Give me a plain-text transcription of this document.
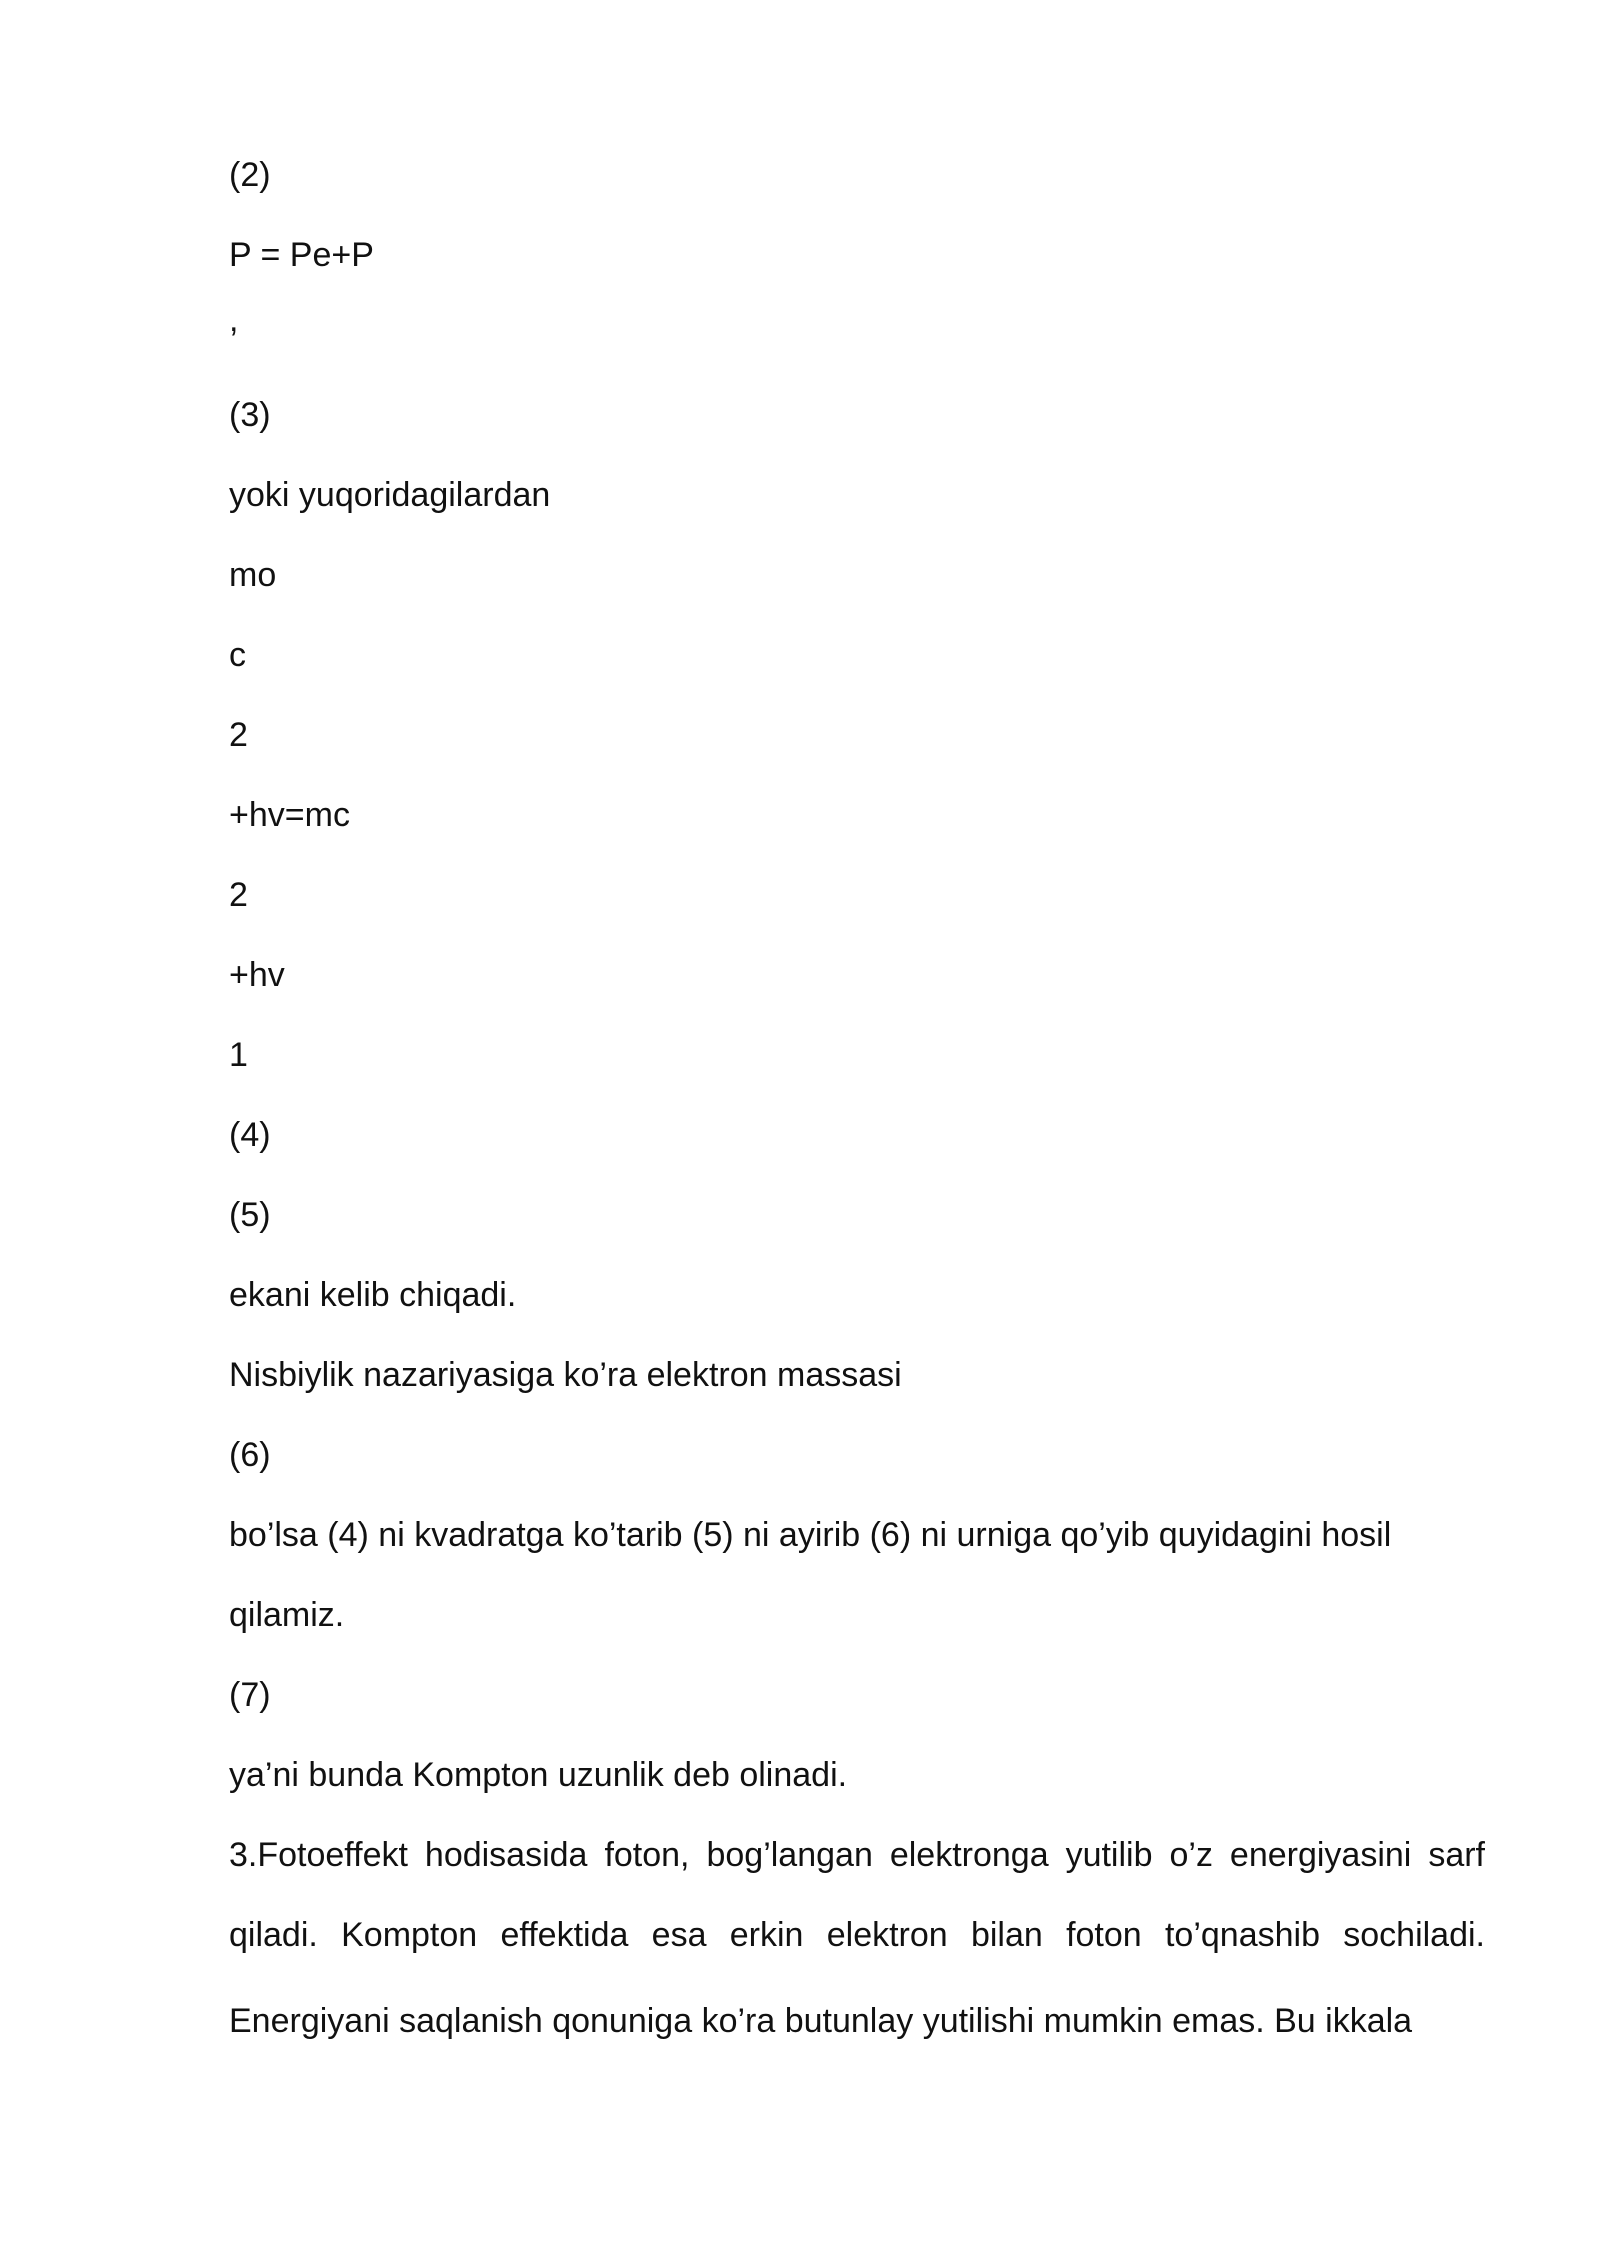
(2)
P = Pe+P
,
(3)
yoki yuqoridagilardan
mo
c
2
+hv=mc
2
+hv
1
(4)
(5)
ekani kelib chiqadi.
Nisbiylik nazariyasiga ko’ra elektron massasi
(6)
bo’lsa (4) ni kvadratga ko’tarib (5) ni ayirib (6) ni urniga qo’yib quyidagini hosil
qilamiz.
(7)
ya’ni bunda Kompton uzunlik deb olinadi.
3.Fotoeffekt hodisasida foton, bog’langan elektronga yutilib o’z energiyasini sarf
qiladi. Kompton effektida esa erkin elektron bilan foton to’qnashib sochiladi.
Energiyani saqlanish qonuniga ko’ra butunlay yutilishi mumkin emas. Bu ikkala
